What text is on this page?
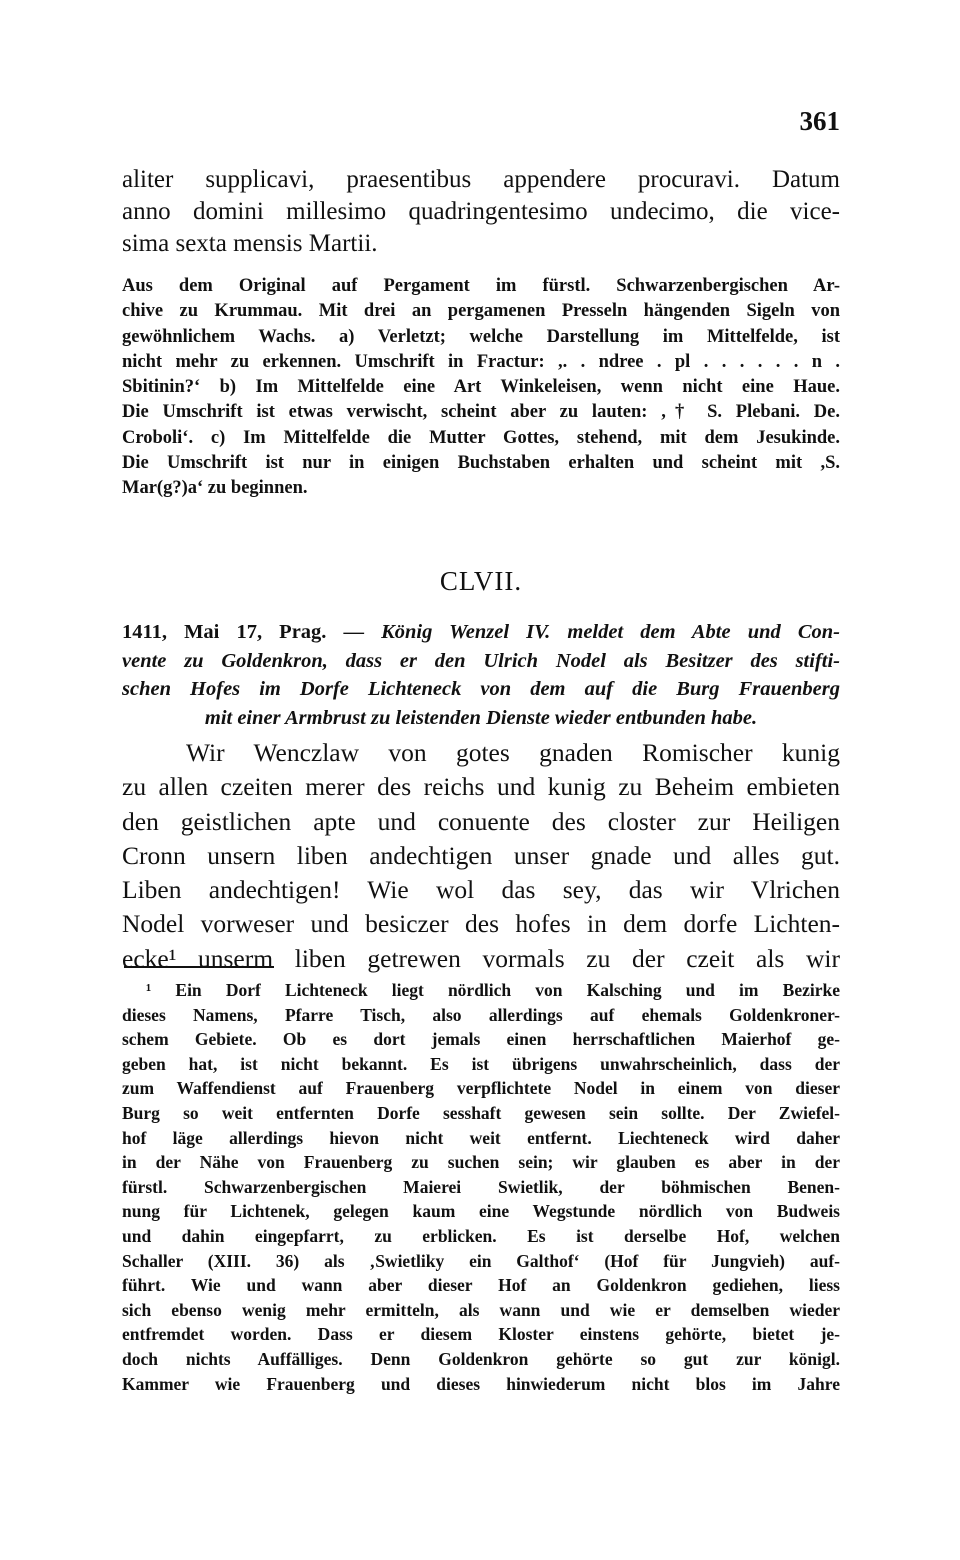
361
aliter supplicavi, praesentibus appendere procuravi. Datum
anno domini millesimo quadringentesimo undecimo, die vice-
sima sexta mensis Martii.
Aus dem Original auf Pergament im fürstl. Schwarzenbergischen Ar-
chive zu Krummau. Mit drei an pergamenen Presseln hängenden Sigeln von
gewöhnlichem Wachs. a) Verletzt; welche Darstellung im Mittelfelde, ist
nicht mehr zu erkennen. Umschrift in Fractur: ,. . ndree . pl . . . . . . n .
Sbitinin?‘ b) Im Mittelfelde eine Art Winkeleisen, wenn nicht eine Haue.
Die Umschrift ist etwas verwischt, scheint aber zu lauten: ,† S. Plebani. De.
Croboli‘. c) Im Mittelfelde die Mutter Gottes, stehend, mit dem Jesukinde.
Die Umschrift ist nur in einigen Buchstaben erhalten und scheint mit ,S.
Mar(g?)a‘ zu beginnen.
CLVII.
1411, Mai 17, Prag. — König Wenzel IV. meldet dem Abte und Con-
vente zu Goldenkron, dass er den Ulrich Nodel als Besitzer des stifti-
schen Hofes im Dorfe Lichteneck von dem auf die Burg Frauenberg
mit einer Armbrust zu leistenden Dienste wieder entbunden habe.
Wir Wenczlaw von gotes gnaden Romischer kunig
zu allen czeiten merer des reichs und kunig zu Beheim embieten
den geistlichen apte und conuente des closter zur Heiligen
Cronn unsern liben andechtigen unser gnade und alles gut.
Liben andechtigen! Wie wol das sey, das wir Vlrichen
Nodel vorweser und besiczer des hofes in dem dorfe Lichten-
ecke¹ unserm liben getrewen vormals zu der czeit als wir
¹ Ein Dorf Lichteneck liegt nördlich von Kalsching und im Bezirke
dieses Namens, Pfarre Tisch, also allerdings auf ehemals Goldenkroner-
schem Gebiete. Ob es dort jemals einen herrschaftlichen Maierhof ge-
geben hat, ist nicht bekannt. Es ist übrigens unwahrscheinlich, dass der
zum Waffendienst auf Frauenberg verpflichtete Nodel in einem von dieser
Burg so weit entfernten Dorfe sesshaft gewesen sein sollte. Der Zwiefel-
hof läge allerdings hievon nicht weit entfernt. Liechteneck wird daher
in der Nähe von Frauenberg zu suchen sein; wir glauben es aber in der
fürstl. Schwarzenbergischen Maierei Swietlik, der böhmischen Benen-
nung für Lichtenek, gelegen kaum eine Wegstunde nördlich von Budweis
und dahin eingepfarrt, zu erblicken. Es ist derselbe Hof, welchen
Schaller (XIII. 36) als ‚Swietliky ein Galthof‘ (Hof für Jungvieh) auf-
führt. Wie und wann aber dieser Hof an Goldenkron gediehen, liess
sich ebenso wenig mehr ermitteln, als wann und wie er demselben wieder
entfremdet worden. Dass er diesem Kloster einstens gehörte, bietet je-
doch nichts Auffälliges. Denn Goldenkron gehörte so gut zur königl.
Kammer wie Frauenberg und dieses hinwiederum nicht blos im Jahre
